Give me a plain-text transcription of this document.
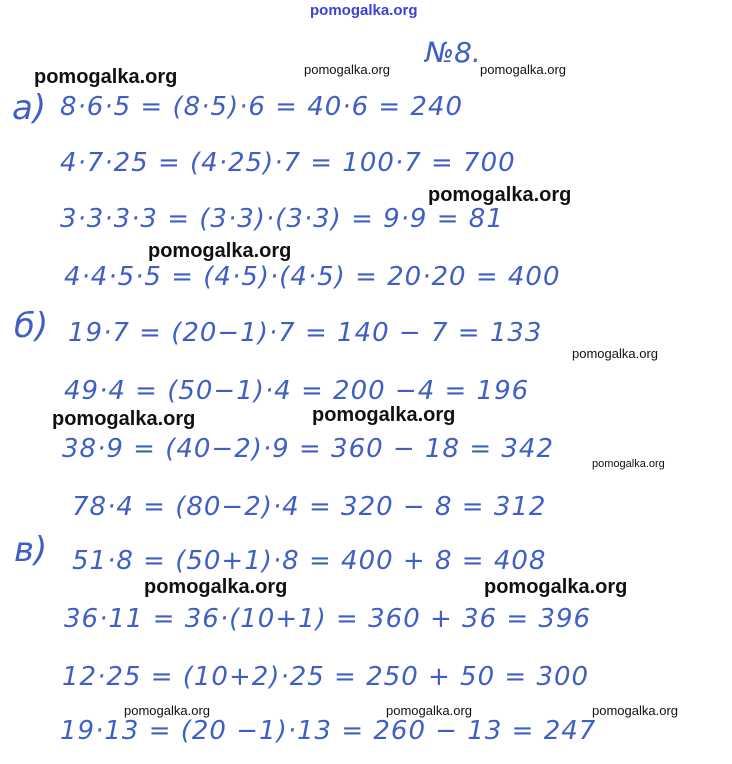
pomogalka.org
№8.
а)
б)
в)
8·6·5 = (8·5)·6 = 40·6 = 240
4·7·25 = (4·25)·7 = 100·7 = 700
3·3·3·3 = (3·3)·(3·3) = 9·9 = 81
4·4·5·5 = (4·5)·(4·5) = 20·20 = 400
19·7 = (20−1)·7 = 140 − 7 = 133
49·4 = (50−1)·4 = 200 −4 = 196
38·9 = (40−2)·9 = 360 − 18 = 342
78·4 = (80−2)·4 = 320 − 8 = 312
51·8 = (50+1)·8 = 400 + 8 = 408
36·11 = 36·(10+1) = 360 + 36 = 396
12·25 = (10+2)·25 = 250 + 50 = 300
19·13 = (20 −1)·13 = 260 − 13 = 247
pomogalka.org	pomogalka.org	pomogalka.org
pomogalka.org
pomogalka.org
pomogalka.org
pomogalka.org	pomogalka.org
pomogalka.org
pomogalka.org	pomogalka.org
pomogalka.org	pomogalka.org	pomogalka.org
